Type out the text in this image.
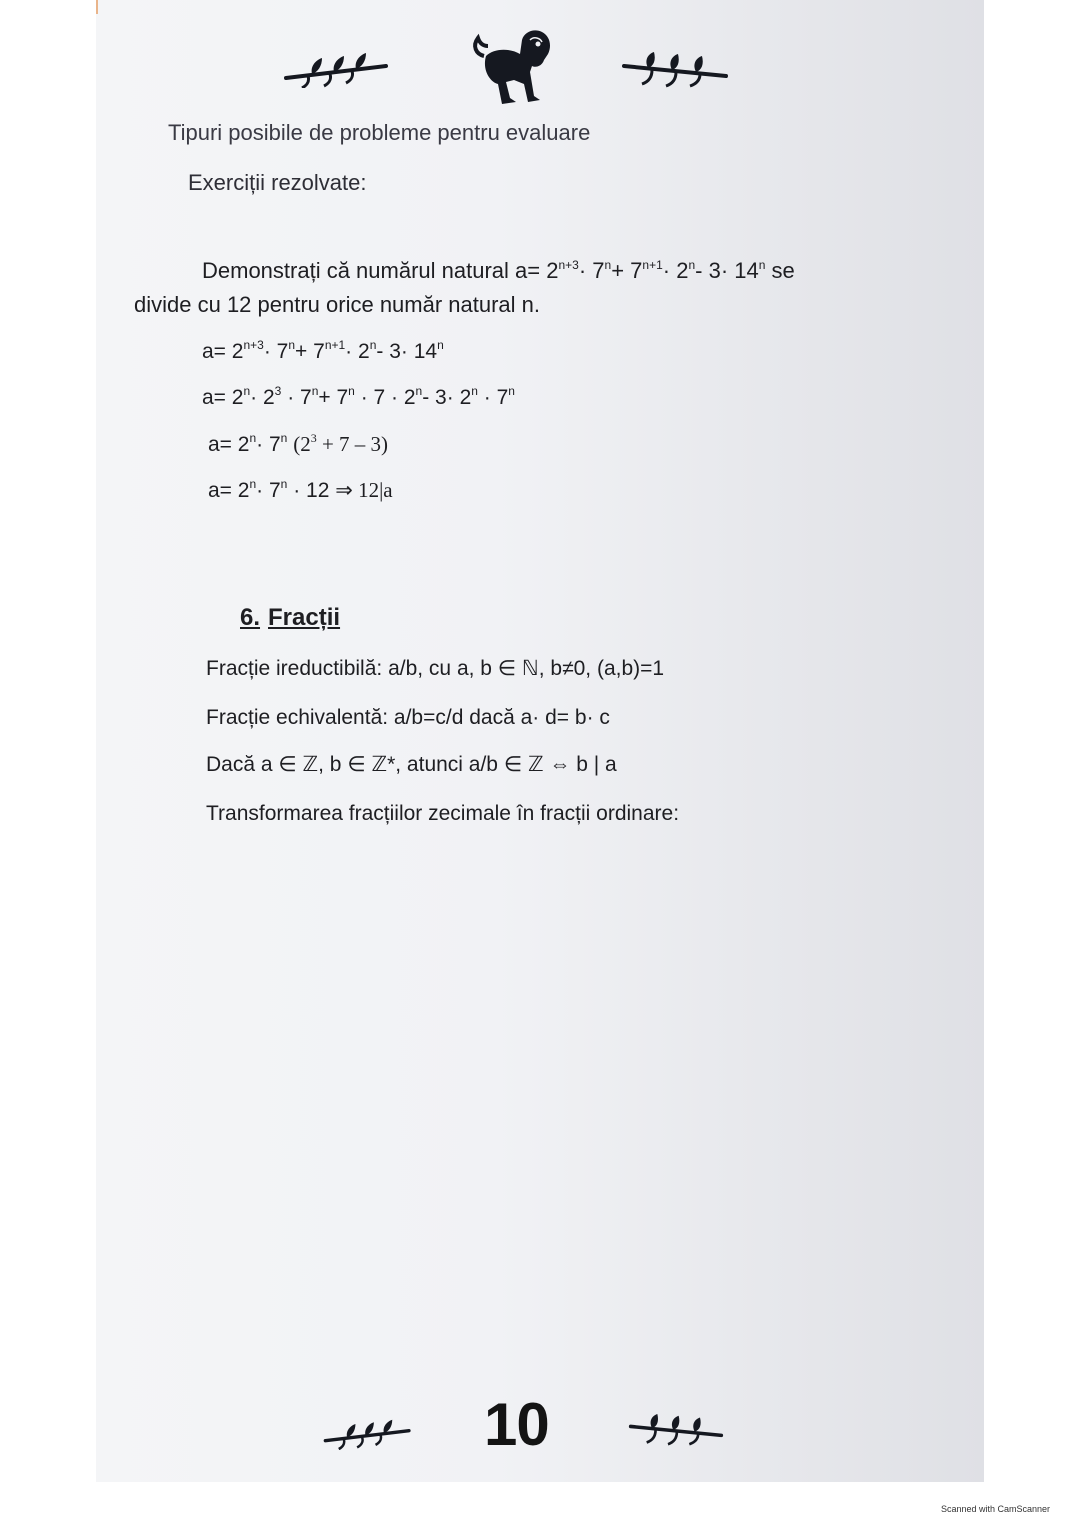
Tipuri posibile de probleme pentru evaluare
Exerciții rezolvate:
Demonstrați că numărul natural $a= 2^{n+3}\cdot 7^n+ 7^{n+1}\cdot 2^n-$ $3\cdot 14^n$ se
divide cu 12 pentru orice număr natural n.
$a= 2^{n+3}\cdot 7^n+ 7^{n+1}\cdot 2^n-$ $3\cdot 14^n$
$a= 2^n\cdot 2^3 \cdot 7^n+ 7^n \cdot 7 \cdot 2^n-$ $3\cdot 2^n \cdot 7^n$
$a= 2^n\cdot 7^n$ $(2^3 + 7 - 3)$
$a= 2^n\cdot 7^n \cdot 12$ ⇒ 12|a
6. Fracții
Fracție ireductibilă: a/b, cu a, b ∈ ℕ, b≠0, (a,b)=1
Fracție echivalentă: a/b=c/d dacă a· d= b· c
Dacă a ∈ ℤ, b ∈ ℤ*, atunci a/b ∈ ℤ ⇔ b | a
Transformarea fracțiilor zecimale în fracții ordinare:
10
Scanned with CamScanner
